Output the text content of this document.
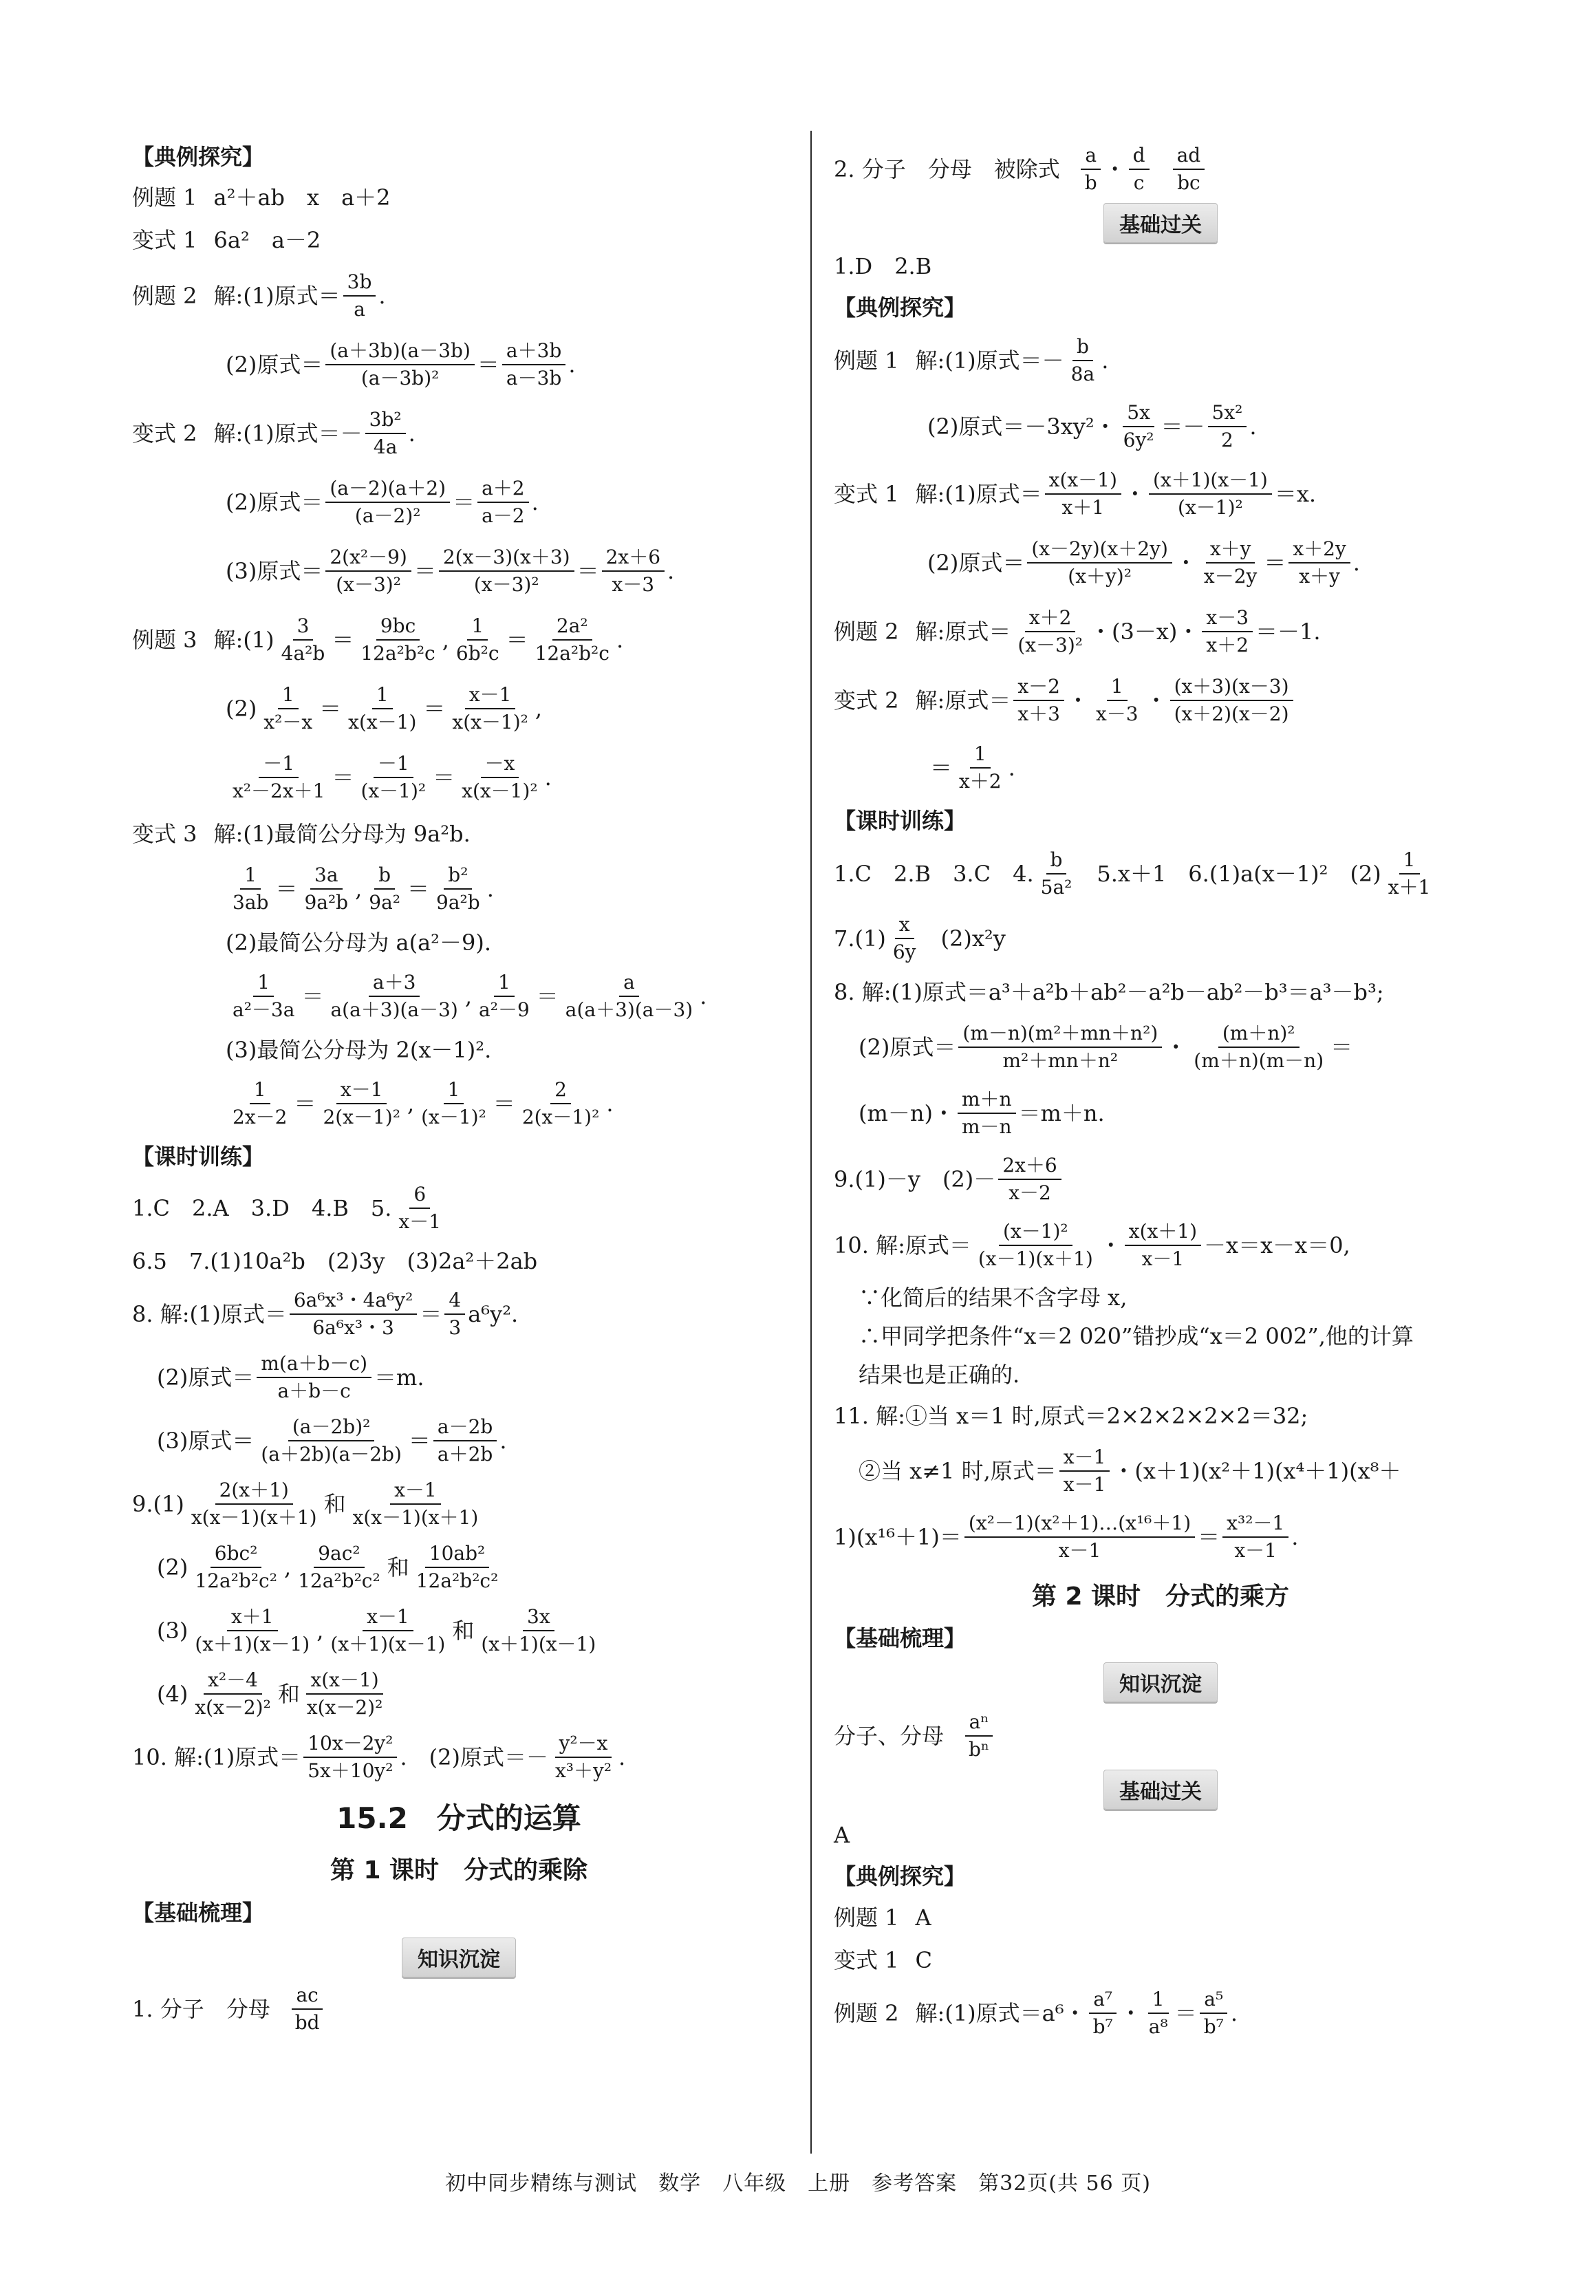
【典例探究】
例题 1 a²＋ab　x　a＋2
变式 1 6a²　a－2
例题 2 解:(1)原式＝ $\frac{3b}{a}$ .
(2)原式＝ $\frac{(a+3b)(a-3b)}{\text{(a－3b)²}} = \frac{a+3b}{a-3b}$ .
变式 2 解:(1)原式＝－ $\frac{\text{3b²}}{4a}$ .
(2)原式＝ $\frac{(a-2)(a+2)}{\text{(a－2)²}} = \frac{a+2}{a-2}$ .
(3)原式＝ $\frac{\text{2(x²－9)}}{\text{(x－3)²}} = \frac{2(x-3)(x+3)}{\text{(x－3)²}} = \frac{2x+6}{x-3}$ .
例题 3 解:(1) $\frac{3}{\text{4a²b}} = \frac{9bc}{\text{12a²b²c}}$ , $\frac{1}{\text{6b²c}} = \frac{\text{2a²}}{\text{12a²b²c}}$ .
$(2) \frac{1}{\text{x²－x}} = \frac{1}{x(x-1)} = \frac{x-1}{\text{x(x－1)²}}$ ,
$\frac{-1}{\text{x²－2x＋1}} = \frac{-1}{\text{(x－1)²}} = \frac{-x}{\text{x(x－1)²}}$ .
变式 3 解:(1)最简公分母为 9a²b.
$\frac{1}{3ab} = \frac{3a}{\text{9a²b}}$ , $\frac{b}{\text{9a²}} = \frac{\text{b²}}{\text{9a²b}}$ .
(2)最简公分母为 a(a²－9).
$\frac{1}{\text{a²－3a}} = \frac{a+3}{a(a+3)(a-3)}$ , $\frac{1}{\text{a²－9}} = \frac{a}{a(a+3)(a-3)}$ .
(3)最简公分母为 2(x－1)².
$\frac{1}{2x-2} = \frac{x-1}{\text{2(x－1)²}}$ , $\frac{1}{\text{(x－1)²}} = \frac{2}{\text{2(x－1)²}}$ .
【课时训练】
1.C　2.A　3.D　4.B　5. $\frac{6}{x-1}$
6.5　7.(1)10a²b　(2)3y　(3)2a²＋2ab
8. 解:(1)原式＝ $\frac{\text{6a⁶x³・4a⁶y²}}{\text{6a⁶x³・3}} = \frac{4}{3} a^6y^2$.
(2)原式＝ $\frac{m(a+b-c)}{a+b-c} =m$.
(3)原式＝ $\frac{\text{(a－2b)²}}{(a+2b)(a-2b)} = \frac{a-2b}{a+2b}$ .
$9.(1) \frac{2(x+1)}{x(x-1)(x+1)}$ 和 $\frac{x-1}{x(x-1)(x+1)}$
$(2) \frac{\text{6bc²}}{\text{12a²b²c²}}$ , $\frac{\text{9ac²}}{\text{12a²b²c²}}$ 和 $\frac{\text{10ab²}}{\text{12a²b²c²}}$
$(3) \frac{x+1}{(x+1)(x-1)}$ , $\frac{x-1}{(x+1)(x-1)}$ 和 $\frac{3x}{(x+1)(x-1)}$
$(4) \frac{\text{x²－4}}{\text{x(x－2)²}}$ 和 $\frac{x(x-1)}{\text{x(x－2)²}}$
10. 解:(1)原式＝ $\frac{\text{10x－2y²}}{\text{5x＋10y²}}$ .　(2)原式＝－ $\frac{\text{y²－x}}{\text{x³＋y²}}$ .
15.2　分式的运算
第 1 课时　分式的乘除
【基础梳理】
知识沉淀
1. 分子　分母 $\frac{ac}{bd}$
2. 分子　分母　被除式 $\frac{a}{b}$ ・ $\frac{d}{c} \frac{ad}{bc}$
基础过关
1.D　2.B
【典例探究】
例题 1 解:(1)原式＝－ $\frac{b}{8a}$ .
(2)原式＝－3xy²・ $\frac{5x}{\text{6y²}} =- \frac{\text{5x²}}{2}$ .
变式 1 解:(1)原式＝ $\frac{x(x-1)}{x+1}$ ・ $\frac{(x+1)(x-1)}{\text{(x－1)²}} =x$.
(2)原式＝ $\frac{(x-2y)(x+2y)}{\text{(x＋y)²}}$ ・ $\frac{x+y}{x-2y} = \frac{x+2y}{x+y}$ .
例题 2 解:原式＝ $\frac{x+2}{\text{(x－3)²}}$ ・(3－x)・ $\frac{x-3}{x+2} =-1$.
变式 2 解:原式＝ $\frac{x-2}{x+3}$ ・ $\frac{1}{x-3}$ ・ $\frac{(x+3)(x-3)}{(x+2)(x-2)}$
＝ $\frac{1}{x+2}$ .
【课时训练】
1.C　2.B　3.C　4. $\frac{b}{\text{5a²}} 5.x+1$　6.(1)a(x－1)²　$(2) \frac{1}{x+1}$
$7.(1) \frac{x}{6y} (2)x^2y$
8. 解:(1)原式＝a³＋a²b＋ab²－a²b－ab²－b³＝a³－b³;
(2)原式＝ $\frac{\text{(m－n)(m²＋mn＋n²)}}{\text{m²＋mn＋n²}}$ ・ $\frac{\text{(m＋n)²}}{(m+n)(m-n)}$ ＝
(m－n)・ $\frac{m+n}{m-n} =m+n$.
9.(1)－y　$(2)- \frac{2x+6}{x-2}$
10. 解:原式＝ $\frac{\text{(x－1)²}}{(x-1)(x+1)}$ ・ $\frac{x(x+1)}{x-1} -x=x-x=0$,
∵化简后的结果不含字母 x,
∴甲同学把条件“x＝2 020”错抄成“x＝2 002”,他的计算
结果也是正确的.
11. 解:①当 x＝1 时,原式＝2×2×2×2×2＝32;
②当 x≠1 时,原式＝ $\frac{x-1}{x-1}$ ・(x＋1)(x²＋1)(x⁴＋1)(x⁸＋
$1)(x^{16}+1)= \frac{\text{(x²－1)(x²＋1)…(x¹⁶＋1)}}{x-1} = \frac{\text{x³²－1}}{x-1}$ .
第 2 课时　分式的乘方
【基础梳理】
知识沉淀
分子、分母 $\frac{\text{aⁿ}}{\text{bⁿ}}$
基础过关
A
【典例探究】
例题 1 A
变式 1 C
例题 2 解:(1)原式＝a⁶・ $\frac{\text{a⁷}}{\text{b⁷}}$ ・ $\frac{1}{\text{a⁸}} = \frac{\text{a⁵}}{\text{b⁷}}$ .
初中同步精练与测试　数学　八年级　上册　参考答案　第32页(共 56 页)
